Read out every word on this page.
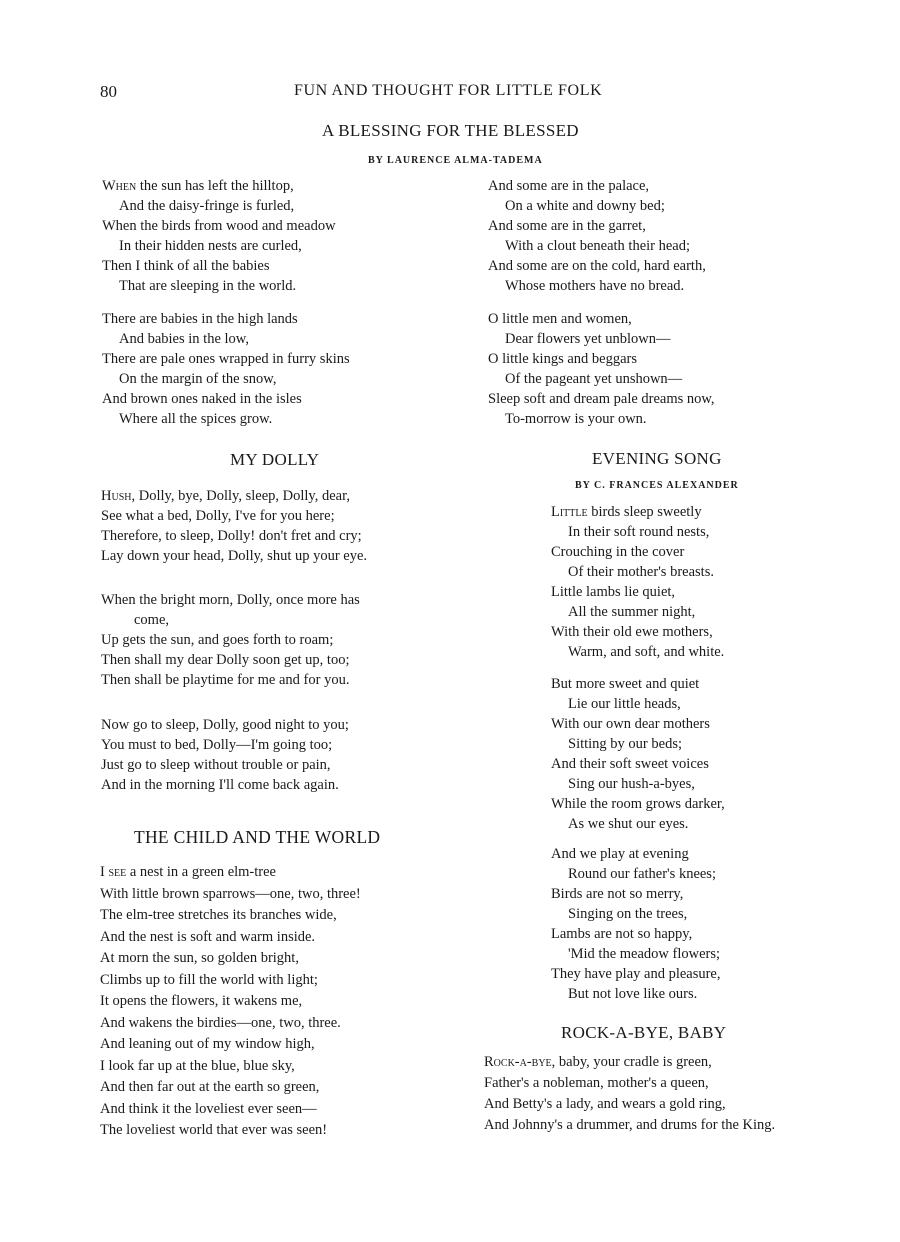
80	FUN AND THOUGHT FOR LITTLE FOLK
A BLESSING FOR THE BLESSED
BY LAURENCE ALMA-TADEMA
When the sun has left the hilltop,
And the daisy-fringe is furled,
When the birds from wood and meadow
In their hidden nests are curled,
Then I think of all the babies
That are sleeping in the world.
There are babies in the high lands
And babies in the low,
There are pale ones wrapped in furry skins
On the margin of the snow,
And brown ones naked in the isles
Where all the spices grow.
And some are in the palace,
On a white and downy bed;
And some are in the garret,
With a clout beneath their head;
And some are on the cold, hard earth,
Whose mothers have no bread.
O little men and women,
Dear flowers yet unblown—
O little kings and beggars
Of the pageant yet unshown—
Sleep soft and dream pale dreams now,
To-morrow is your own.
MY DOLLY
Hush, Dolly, bye, Dolly, sleep, Dolly, dear,
See what a bed, Dolly, I've for you here;
Therefore, to sleep, Dolly! don't fret and cry;
Lay down your head, Dolly, shut up your eye.
When the bright morn, Dolly, once more has
come,
Up gets the sun, and goes forth to roam;
Then shall my dear Dolly soon get up, too;
Then shall be playtime for me and for you.
Now go to sleep, Dolly, good night to you;
You must to bed, Dolly—I'm going too;
Just go to sleep without trouble or pain,
And in the morning I'll come back again.
THE CHILD AND THE WORLD
I see a nest in a green elm-tree
With little brown sparrows—one, two, three!
The elm-tree stretches its branches wide,
And the nest is soft and warm inside.
At morn the sun, so golden bright,
Climbs up to fill the world with light;
It opens the flowers, it wakens me,
And wakens the birdies—one, two, three.
And leaning out of my window high,
I look far up at the blue, blue sky,
And then far out at the earth so green,
And think it the loveliest ever seen—
The loveliest world that ever was seen!
EVENING SONG
BY C. FRANCES ALEXANDER
Little birds sleep sweetly
In their soft round nests,
Crouching in the cover
Of their mother's breasts.
Little lambs lie quiet,
All the summer night,
With their old ewe mothers,
Warm, and soft, and white.
But more sweet and quiet
Lie our little heads,
With our own dear mothers
Sitting by our beds;
And their soft sweet voices
Sing our hush-a-byes,
While the room grows darker,
As we shut our eyes.
And we play at evening
Round our father's knees;
Birds are not so merry,
Singing on the trees,
Lambs are not so happy,
'Mid the meadow flowers;
They have play and pleasure,
But not love like ours.
ROCK-A-BYE, BABY
Rock-a-bye, baby, your cradle is green,
Father's a nobleman, mother's a queen,
And Betty's a lady, and wears a gold ring,
And Johnny's a drummer, and drums for the King.
